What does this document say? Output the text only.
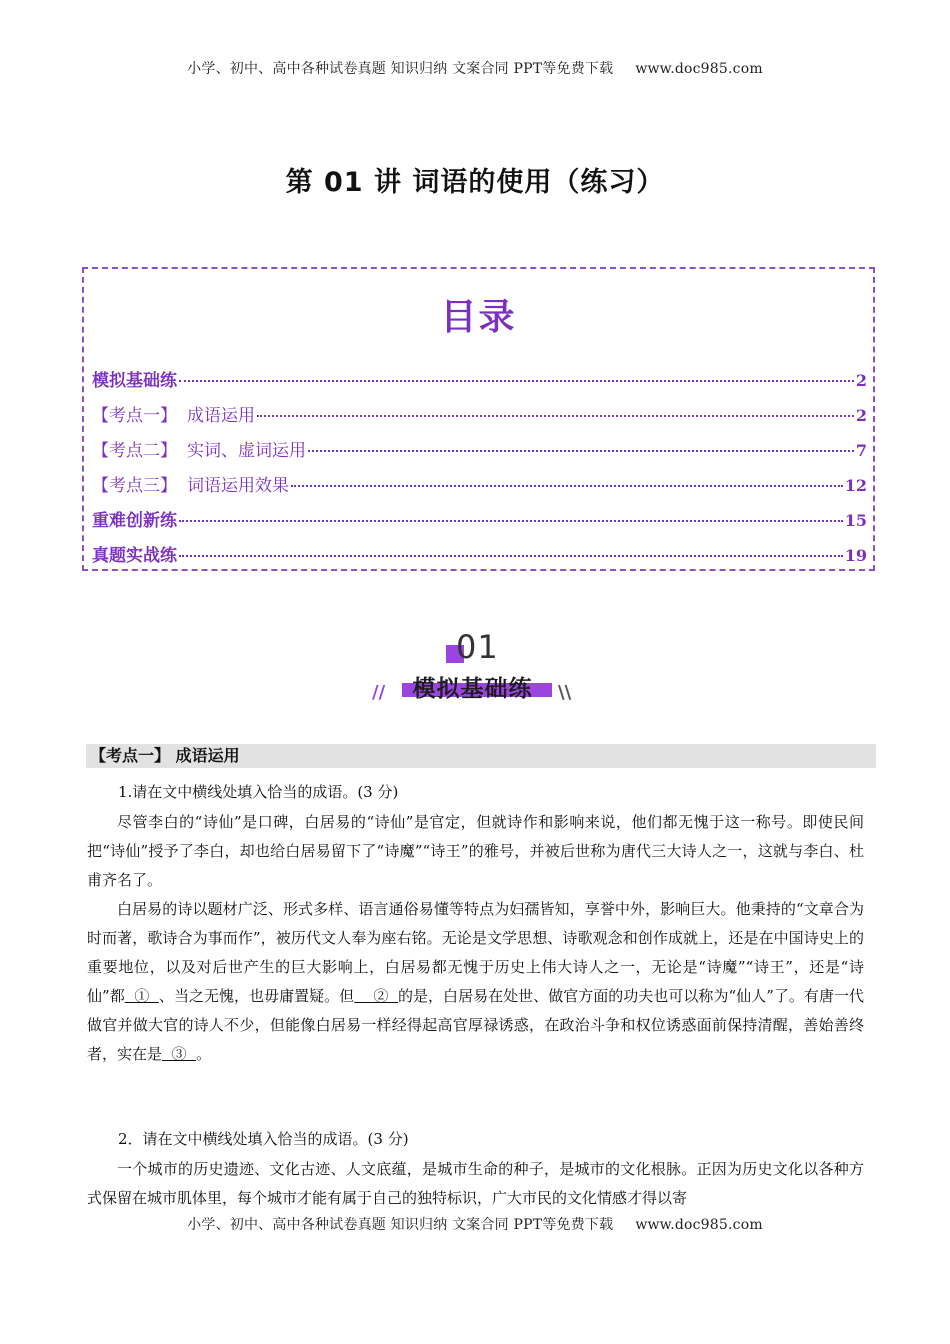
小学、初中、高中各种试卷真题 知识归纳 文案合同 PPT等免费下载 www.doc985.com
第 01 讲 词语的使用（练习）
目录
模拟基础练	2
【考点一】 成语运用	2
【考点二】 实词、虚词运用	7
【考点三】 词语运用效果	12
重难创新练	15
真题实战练	19
01
//	模拟基础练	\\
【考点一】 成语运用
1.请在文中横线处填入恰当的成语。(3 分)
尽管李白的“诗仙”是口碑，白居易的“诗仙”是官定，但就诗作和影响来说，他们都无愧于这一称号。即使民间把“诗仙”授予了李白，却也给白居易留下了“诗魔”“诗王”的雅号，并被后世称为唐代三大诗人之一，这就与李白、杜甫齐名了。
白居易的诗以题材广泛、形式多样、语言通俗易懂等特点为妇孺皆知，享誉中外，影响巨大。他秉持的“文章合为时而著，歌诗合为事而作”，被历代文人奉为座右铭。无论是文学思想、诗歌观念和创作成就上，还是在中国诗史上的重要地位，以及对后世产生的巨大影响上，白居易都无愧于历史上伟大诗人之一，无论是“诗魔”“诗王”，还是“诗仙”都  ①  、当之无愧，也毋庸置疑。但    ②  的是，白居易在处世、做官方面的功夫也可以称为“仙人”了。有唐一代做官并做大官的诗人不少，但能像白居易一样经得起高官厚禄诱惑，在政治斗争和权位诱惑面前保持清醒，善始善终者，实在是  ③  。
2．请在文中横线处填入恰当的成语。(3 分)
一个城市的历史遗迹、文化古迹、人文底蕴，是城市生命的种子，是城市的文化根脉。正因为历史文化以各种方式保留在城市肌体里，每个城市才能有属于自己的独特标识，广大市民的文化情感才得以寄
小学、初中、高中各种试卷真题 知识归纳 文案合同 PPT等免费下载 www.doc985.com
